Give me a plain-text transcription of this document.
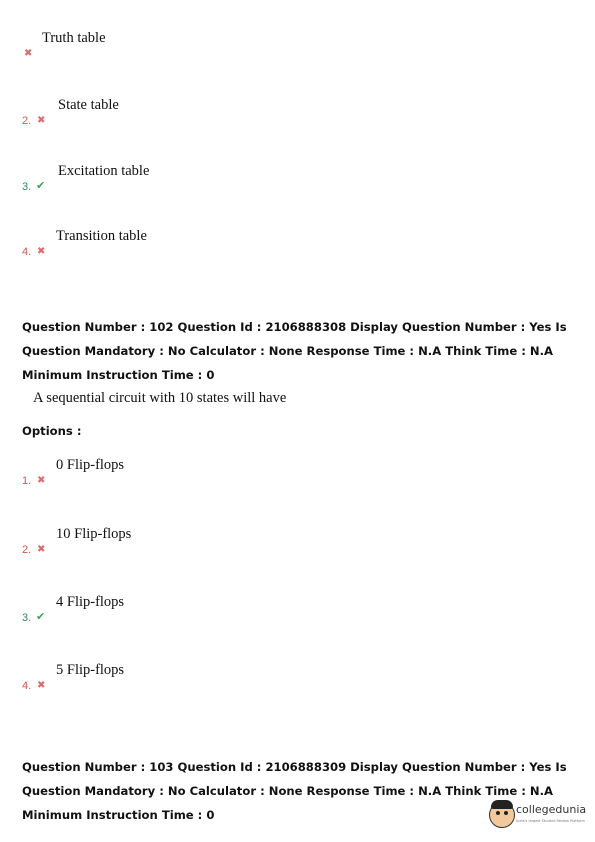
✖
Truth table
2. ✖
State table
3. ✔
Excitation table
4. ✖
Transition table
Question Number : 102 Question Id : 2106888308 Display Question Number : Yes Is Question Mandatory : No Calculator : None Response Time : N.A Think Time : N.A Minimum Instruction Time : 0
A sequential circuit with 10 states will have
Options :
1. ✖
0 Flip-flops
2. ✖
10 Flip-flops
3. ✔
4 Flip-flops
4. ✖
5 Flip-flops
Question Number : 103 Question Id : 2106888309 Display Question Number : Yes Is Question Mandatory : No Calculator : None Response Time : N.A Think Time : N.A Minimum Instruction Time : 0	collegedunia
India's largest Student Review Platform
